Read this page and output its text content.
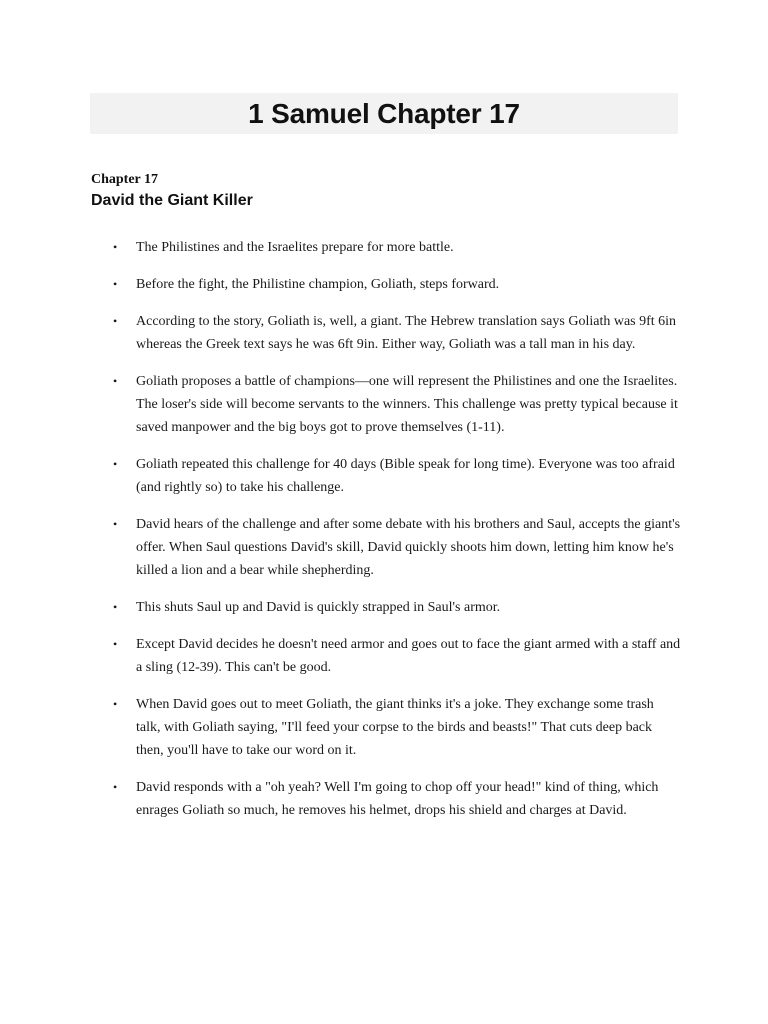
1 Samuel Chapter 17
Chapter 17
David the Giant Killer
• The Philistines and the Israelites prepare for more battle.
• Before the fight, the Philistine champion, Goliath, steps forward.
• According to the story, Goliath is, well, a giant. The Hebrew translation says Goliath was 9ft 6in whereas the Greek text says he was 6ft 9in. Either way, Goliath was a tall man in his day.
• Goliath proposes a battle of champions—one will represent the Philistines and one the Israelites. The loser's side will become servants to the winners. This challenge was pretty typical because it saved manpower and the big boys got to prove themselves (1-11).
• Goliath repeated this challenge for 40 days (Bible speak for long time). Everyone was too afraid (and rightly so) to take his challenge.
• David hears of the challenge and after some debate with his brothers and Saul, accepts the giant's offer. When Saul questions David's skill, David quickly shoots him down, letting him know he's killed a lion and a bear while shepherding.
• This shuts Saul up and David is quickly strapped in Saul's armor.
• Except David decides he doesn't need armor and goes out to face the giant armed with a staff and a sling (12-39). This can't be good.
• When David goes out to meet Goliath, the giant thinks it's a joke. They exchange some trash talk, with Goliath saying, "I'll feed your corpse to the birds and beasts!" That cuts deep back then, you'll have to take our word on it.
• David responds with a "oh yeah? Well I'm going to chop off your head!" kind of thing, which enrages Goliath so much, he removes his helmet, drops his shield and charges at David.
